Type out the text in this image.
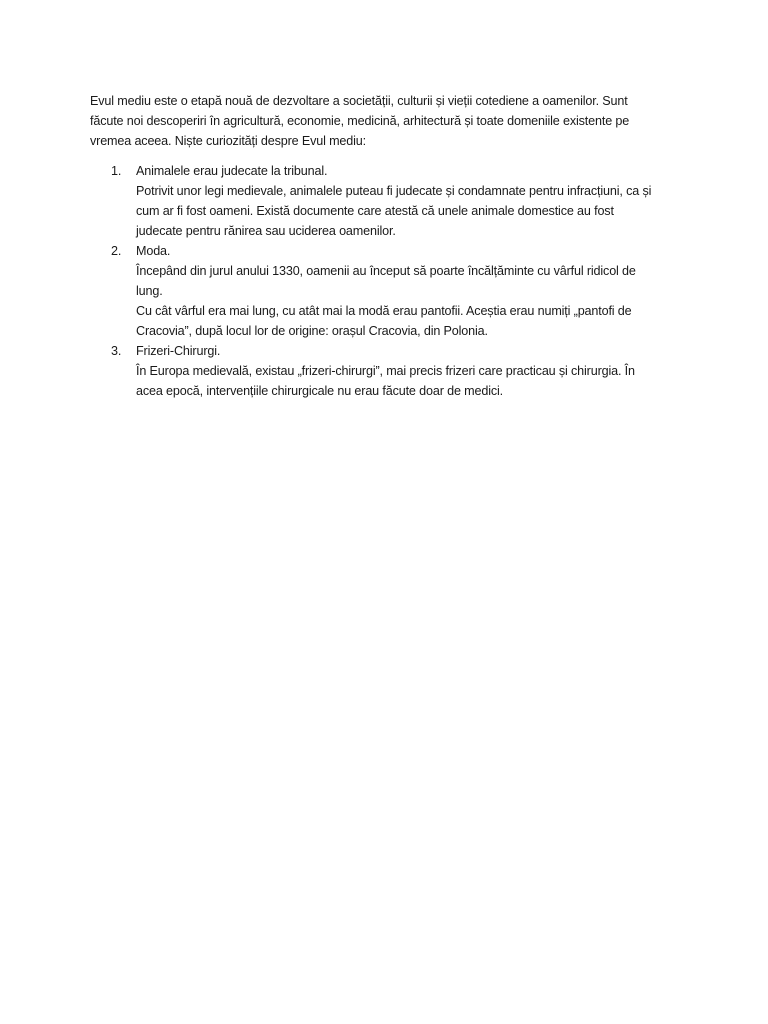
Evul mediu este o etapă nouă de dezvoltare a societății, culturii și vieții cotediene a oamenilor. Sunt
făcute noi descoperiri în agricultură, economie, medicină, arhitectură și toate domeniile existente pe
vremea aceea. Niște curiozități despre Evul mediu:

1.	Animalele erau judecate la tribunal.
Potrivit unor legi medievale, animalele puteau fi judecate și condamnate pentru infracțiuni, ca și
cum ar fi fost oameni. Există documente care atestă că unele animale domestice au fost
judecate pentru rănirea sau uciderea oamenilor.
2.	Moda.
Începând din jurul anului 1330, oamenii au început să poarte încălțăminte cu vârful ridicol de
lung.
Cu cât vârful era mai lung, cu atât mai la modă erau pantofii. Aceștia erau numiți „pantofi de
Cracovia”, după locul lor de origine: orașul Cracovia, din Polonia.
3.	Frizeri-Chirurgi.
În Europa medievală, existau „frizeri-chirurgi”, mai precis frizeri care practicau și chirurgia. În
acea epocă, intervențiile chirurgicale nu erau făcute doar de medici.
